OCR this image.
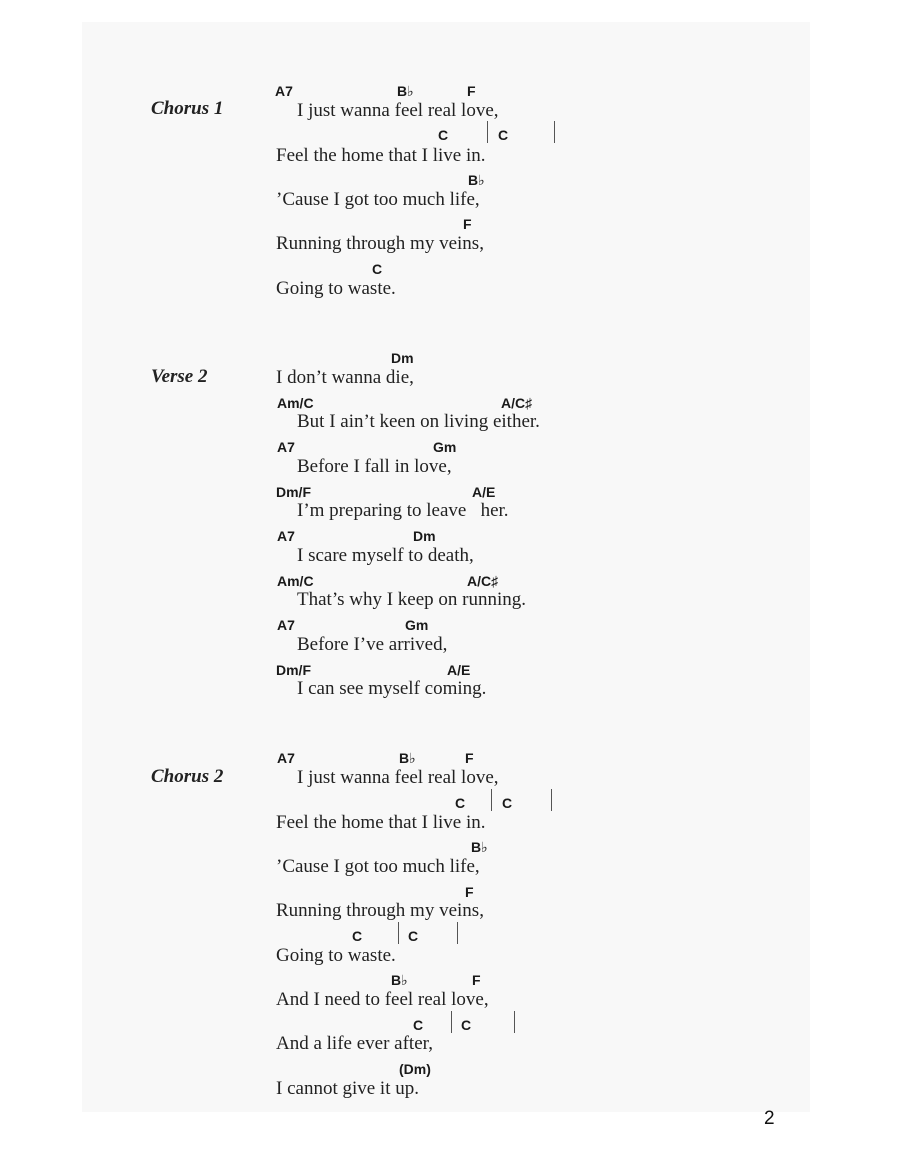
Chorus 1
A7	B♭	F
I just wanna feel real love,
C	C
Feel the home that I live in.
B♭
’Cause I got too much life,
F
Running through my veins,
C
Going to waste.
Verse 2
Dm
I don’t wanna die,
Am/C	A/C♯
But I ain’t keen on living either.
A7	Gm
Before I fall in love,
Dm/F	A/E
I’m preparing to leave   her.
A7	Dm
I scare myself to death,
Am/C	A/C♯
That’s why I keep on running.
A7	Gm
Before I’ve arrived,
Dm/F	A/E
I can see myself coming.
Chorus 2
A7	B♭	F
I just wanna feel real love,
C	C
Feel the home that I live in.
B♭
’Cause I got too much life,
F
Running through my veins,
C	C
Going to waste.
B♭	F
And I need to feel real love,
C	C
And a life ever after,
(Dm)
I cannot give it up.
2
